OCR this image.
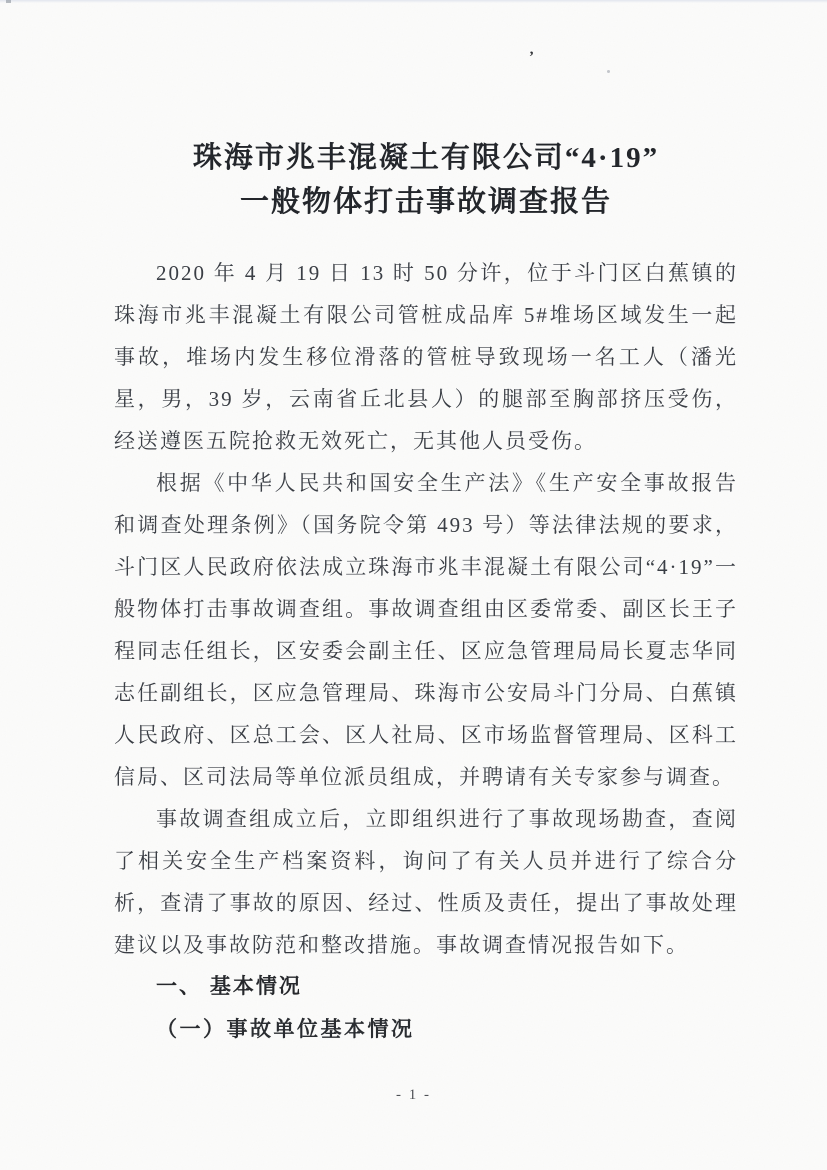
’
珠海市兆丰混凝土有限公司“4·19”
一般物体打击事故调查报告

2020 年 4 月 19 日 13 时 50 分许，位于斗门区白蕉镇的珠海市兆丰混凝土有限公司管桩成品库 5#堆场区域发生一起事故，堆场内发生移位滑落的管桩导致现场一名工人（潘光星，男，39 岁，云南省丘北县人）的腿部至胸部挤压受伤，经送遵医五院抢救无效死亡，无其他人员受伤。

根据《中华人民共和国安全生产法》《生产安全事故报告和调查处理条例》（国务院令第 493 号）等法律法规的要求，斗门区人民政府依法成立珠海市兆丰混凝土有限公司“4·19”一般物体打击事故调查组。事故调查组由区委常委、副区长王子程同志任组长，区安委会副主任、区应急管理局局长夏志华同志任副组长，区应急管理局、珠海市公安局斗门分局、白蕉镇人民政府、区总工会、区人社局、区市场监督管理局、区科工信局、区司法局等单位派员组成，并聘请有关专家参与调查。

事故调查组成立后，立即组织进行了事故现场勘查，查阅了相关安全生产档案资料，询问了有关人员并进行了综合分析，查清了事故的原因、经过、性质及责任，提出了事故处理建议以及事故防范和整改措施。事故调查情况报告如下。

一、 基本情况
（一）事故单位基本情况
- 1 -
